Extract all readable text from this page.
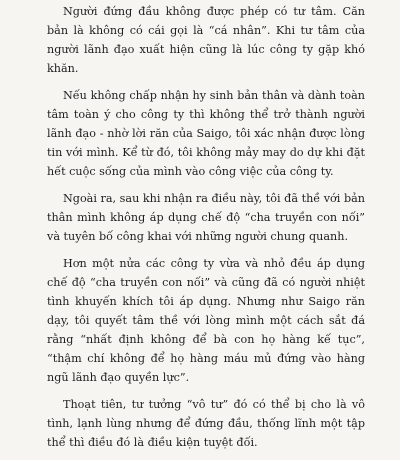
Người đứng đầu không được phép có tư tâm. Căn bản là không có cái gọi là “cá nhân”. Khi tư tâm của người lãnh đạo xuất hiện cũng là lúc công ty gặp khó khăn.

Nếu không chấp nhận hy sinh bản thân và dành toàn tâm toàn ý cho công ty thì không thể trở thành người lãnh đạo - nhờ lời răn của Saigo, tôi xác nhận được lòng tin với mình. Kể từ đó, tôi không mảy may do dự khi đặt hết cuộc sống của mình vào công việc của công ty.

Ngoài ra, sau khi nhận ra điều này, tôi đã thề với bản thân mình không áp dụng chế độ “cha truyền con nối” và tuyên bố công khai với những người chung quanh.

Hơn một nửa các công ty vừa và nhỏ đều áp dụng chế độ “cha truyền con nối” và cũng đã có người nhiệt tình khuyến khích tôi áp dụng. Nhưng như Saigo răn dạy, tôi quyết tâm thề với lòng mình một cách sắt đá rằng “nhất định không để bà con họ hàng kế tục”, “thậm chí không để họ hàng máu mủ đứng vào hàng ngũ lãnh đạo quyền lực”.

Thoạt tiên, tư tưởng “vô tư” đó có thể bị cho là vô tình, lạnh lùng nhưng để đứng đầu, thống lĩnh một tập thể thì điều đó là điều kiện tuyệt đối.
